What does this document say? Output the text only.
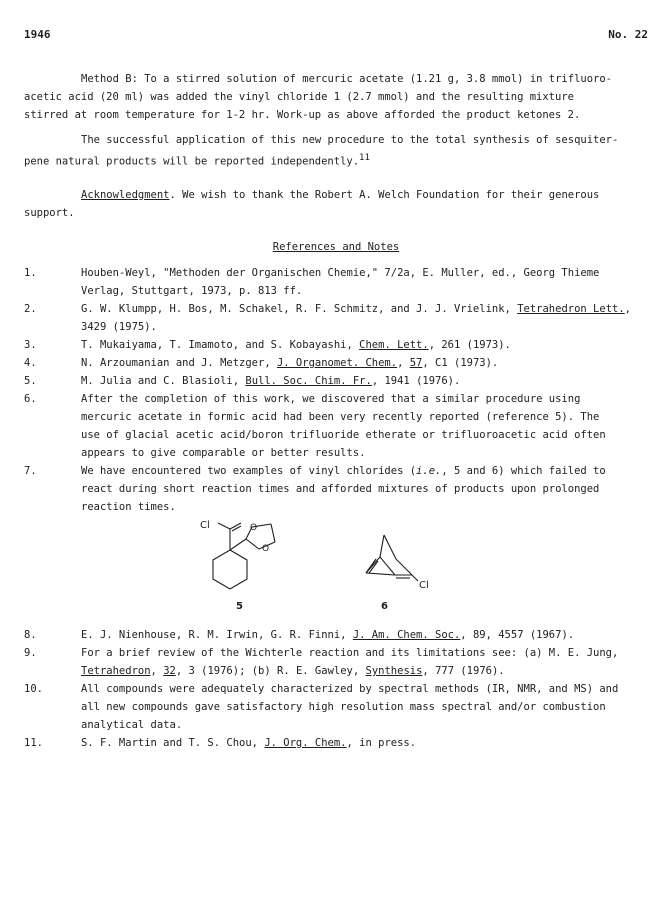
1946	No. 22
Method B: To a stirred solution of mercuric acetate (1.21 g, 3.8 mmol) in trifluoro-
acetic acid (20 ml) was added the vinyl chloride 1 (2.7 mmol) and the resulting mixture
stirred at room temperature for 1-2 hr. Work-up as above afforded the product ketones 2.
The successful application of this new procedure to the total synthesis of sesquiter-
pene natural products will be reported independently.$^{11}$
Acknowledgment. We wish to thank the Robert A. Welch Foundation for their generous
support.
References and Notes
1.	Houben-Weyl, "Methoden der Organischen Chemie," 7/2a, E. Muller, ed., Georg Thieme
Verlag, Stuttgart, 1973, p. 813 ff.
2.	G. W. Klumpp, H. Bos, M. Schakel, R. F. Schmitz, and J. J. Vrielink, Tetrahedron Lett.,
3429 (1975).
3.	T. Mukaiyama, T. Imamoto, and S. Kobayashi, Chem. Lett., 261 (1973).
4.	N. Arzoumanian and J. Metzger, J. Organomet. Chem., 57, C1 (1973).
5.	M. Julia and C. Blasioli, Bull. Soc. Chim. Fr., 1941 (1976).
6.	After the completion of this work, we discovered that a similar procedure using
mercuric acetate in formic acid had been very recently reported (reference 5). The
use of glacial acetic acid/boron trifluoride etherate or trifluoroacetic acid often
appears to give comparable or better results.
7.	We have encountered two examples of vinyl chlorides (i.e., 5 and 6) which failed to
react during short reaction times and afforded mixtures of products upon prolonged
reaction times.
Cl	O
O
Cl
5	6
8.	E. J. Nienhouse, R. M. Irwin, G. R. Finni, J. Am. Chem. Soc., 89, 4557 (1967).
9.	For a brief review of the Wichterle reaction and its limitations see: (a) M. E. Jung,
Tetrahedron, 32, 3 (1976); (b) R. E. Gawley, Synthesis, 777 (1976).
10.	All compounds were adequately characterized by spectral methods (IR, NMR, and MS) and
all new compounds gave satisfactory high resolution mass spectral and/or combustion
analytical data.
11.	S. F. Martin and T. S. Chou, J. Org. Chem., in press.
